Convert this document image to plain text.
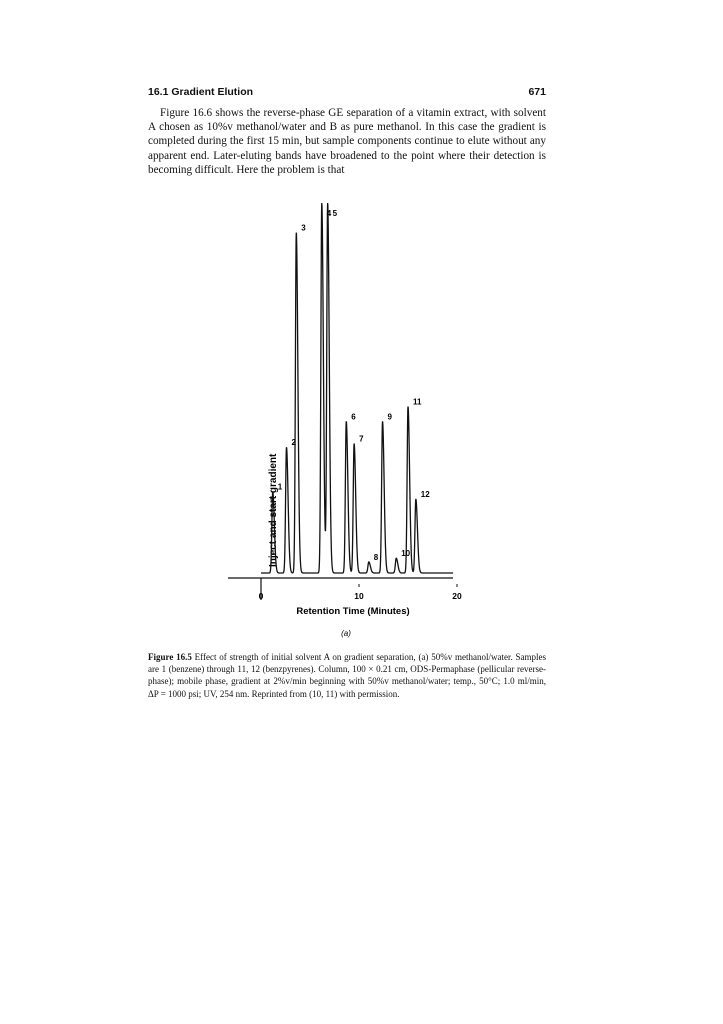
16.1 Gradient Elution	671
Figure 16.6 shows the reverse-phase GE separation of a vitamin extract, with solvent A chosen as 10%v methanol/water and B as pure methanol. In this case the gradient is completed during the first 15 min, but sample components continue to elute without any apparent end. Later-eluting bands have broadened to the point where their detection is becoming difficult. Here the problem is that
Inject and start gradient
1
2
3
4 5
6
7
8
9
10
11
12
0	10	20
Retention Time (Minutes)
(a)
Figure 16.5 Effect of strength of initial solvent A on gradient separation, (a) 50%v methanol/water. Samples are 1 (benzene) through 11, 12 (benzpyrenes). Column, 100 × 0.21 cm, ODS-Permaphase (pellicular reverse-phase); mobile phase, gradient at 2%v/min beginning with 50%v methanol/water; temp., 50°C; 1.0 ml/min, ΔP = 1000 psi; UV, 254 nm. Reprinted from (10, 11) with permission.
